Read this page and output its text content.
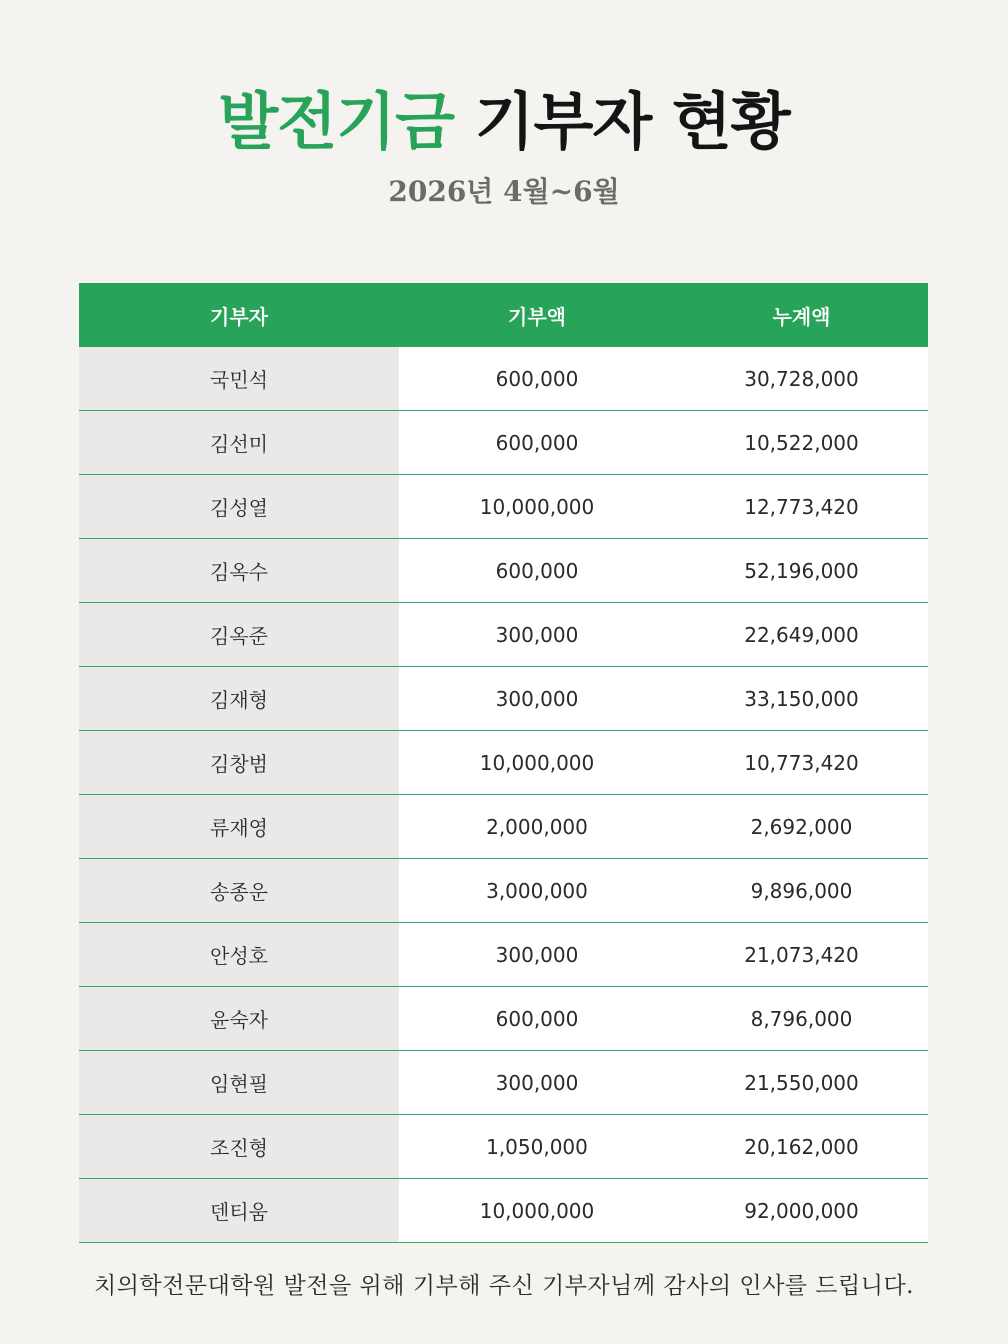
발전기금 기부자 현황

2026년 4월~6월

기부자	기부액	누계액
국민석	600,000	30,728,000
김선미	600,000	10,522,000
김성열	10,000,000	12,773,420
김옥수	600,000	52,196,000
김옥준	300,000	22,649,000
김재형	300,000	33,150,000
김창범	10,000,000	10,773,420
류재영	2,000,000	2,692,000
송종운	3,000,000	9,896,000
안성호	300,000	21,073,420
윤숙자	600,000	8,796,000
임현필	300,000	21,550,000
조진형	1,050,000	20,162,000
덴티움	10,000,000	92,000,000

치의학전문대학원 발전을 위해 기부해 주신 기부자님께 감사의 인사를 드립니다.
